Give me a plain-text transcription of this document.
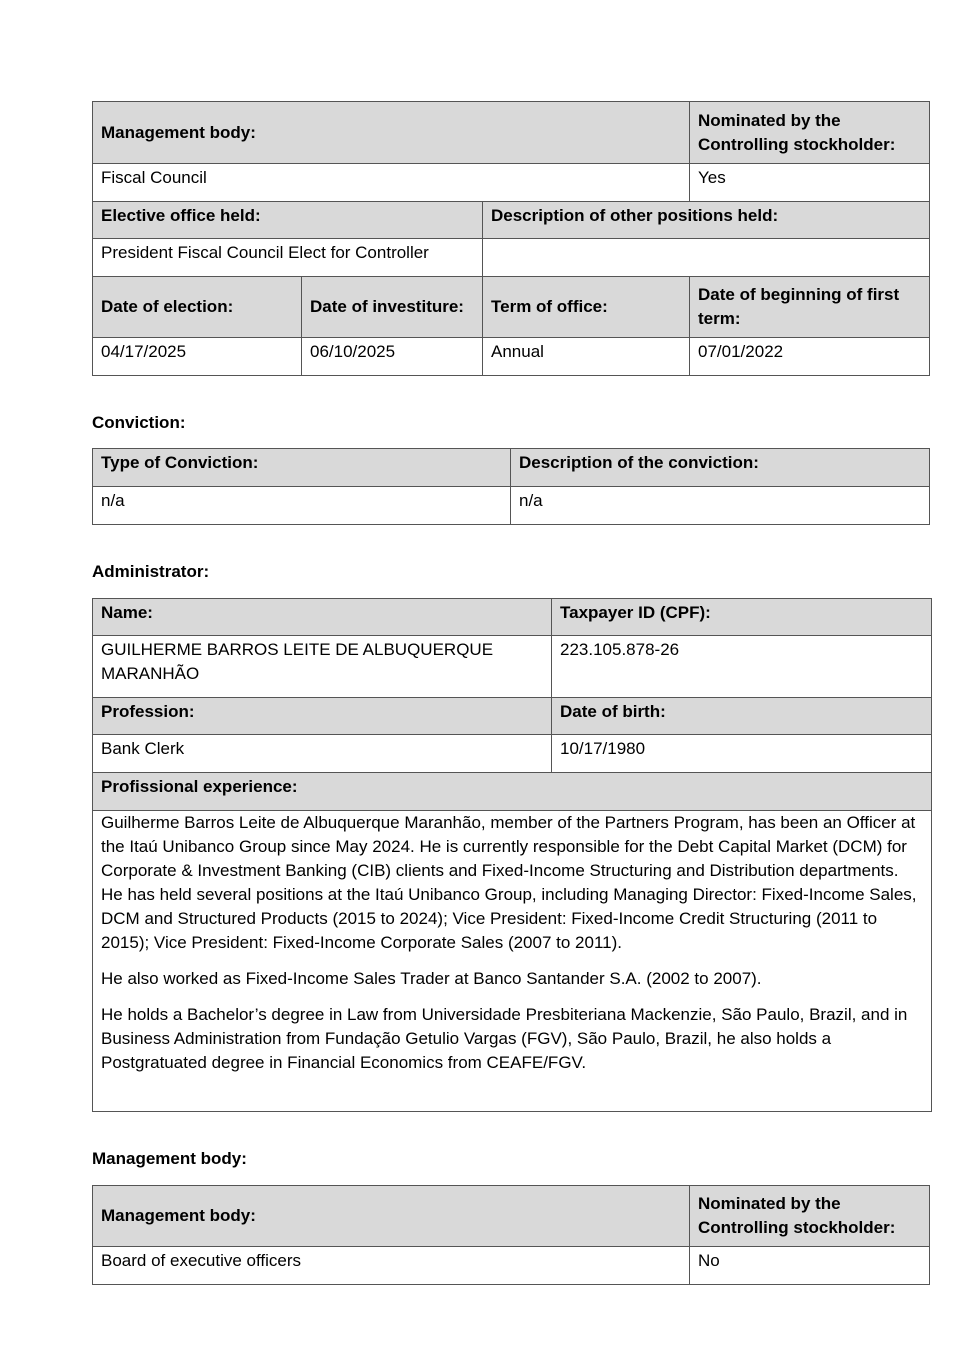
Management body:			Nominated by the Controlling stockholder:
Fiscal Council			Yes
Elective office held:		Description of other positions held:	
President Fiscal Council Elect for Controller			
Date of election:	Date of investiture:	Term of office:	Date of beginning of first term:
04/17/2025	06/10/2025	Annual	07/01/2022
Conviction:
Type of Conviction:	Description of the conviction:
n/a	n/a
Administrator:
Name:	Taxpayer ID (CPF):
GUILHERME BARROS LEITE DE ALBUQUERQUE MARANHÃO	223.105.878-26
Profession:	Date of birth:
Bank Clerk	10/17/1980
Profissional experience:	

Guilherme Barros Leite de Albuquerque Maranhão, member of the Partners Program, has been an Officer at the Itaú Unibanco Group since May 2024. He is currently responsible for the Debt Capital Market (DCM) for Corporate & Investment Banking (CIB) clients and Fixed-Income Structuring and Distribution departments. He has held several positions at the Itaú Unibanco Group, including Managing Director: Fixed-Income Sales, DCM and Structured Products (2015 to 2024); Vice President: Fixed-Income Credit Structuring (2011 to 2015); Vice President: Fixed-Income Corporate Sales (2007 to 2011).

He also worked as Fixed-Income Sales Trader at Banco Santander S.A. (2002 to 2007).

He holds a Bachelor’s degree in Law from Universidade Presbiteriana Mackenzie, São Paulo, Brazil, and in Business Administration from Fundação Getulio Vargas (FGV), São Paulo, Brazil, he also holds a Postgratuated degree in Financial Economics from CEAFE/FGV.	

Management body:
Management body:	Nominated by the Controlling stockholder:
Board of executive officers	No
